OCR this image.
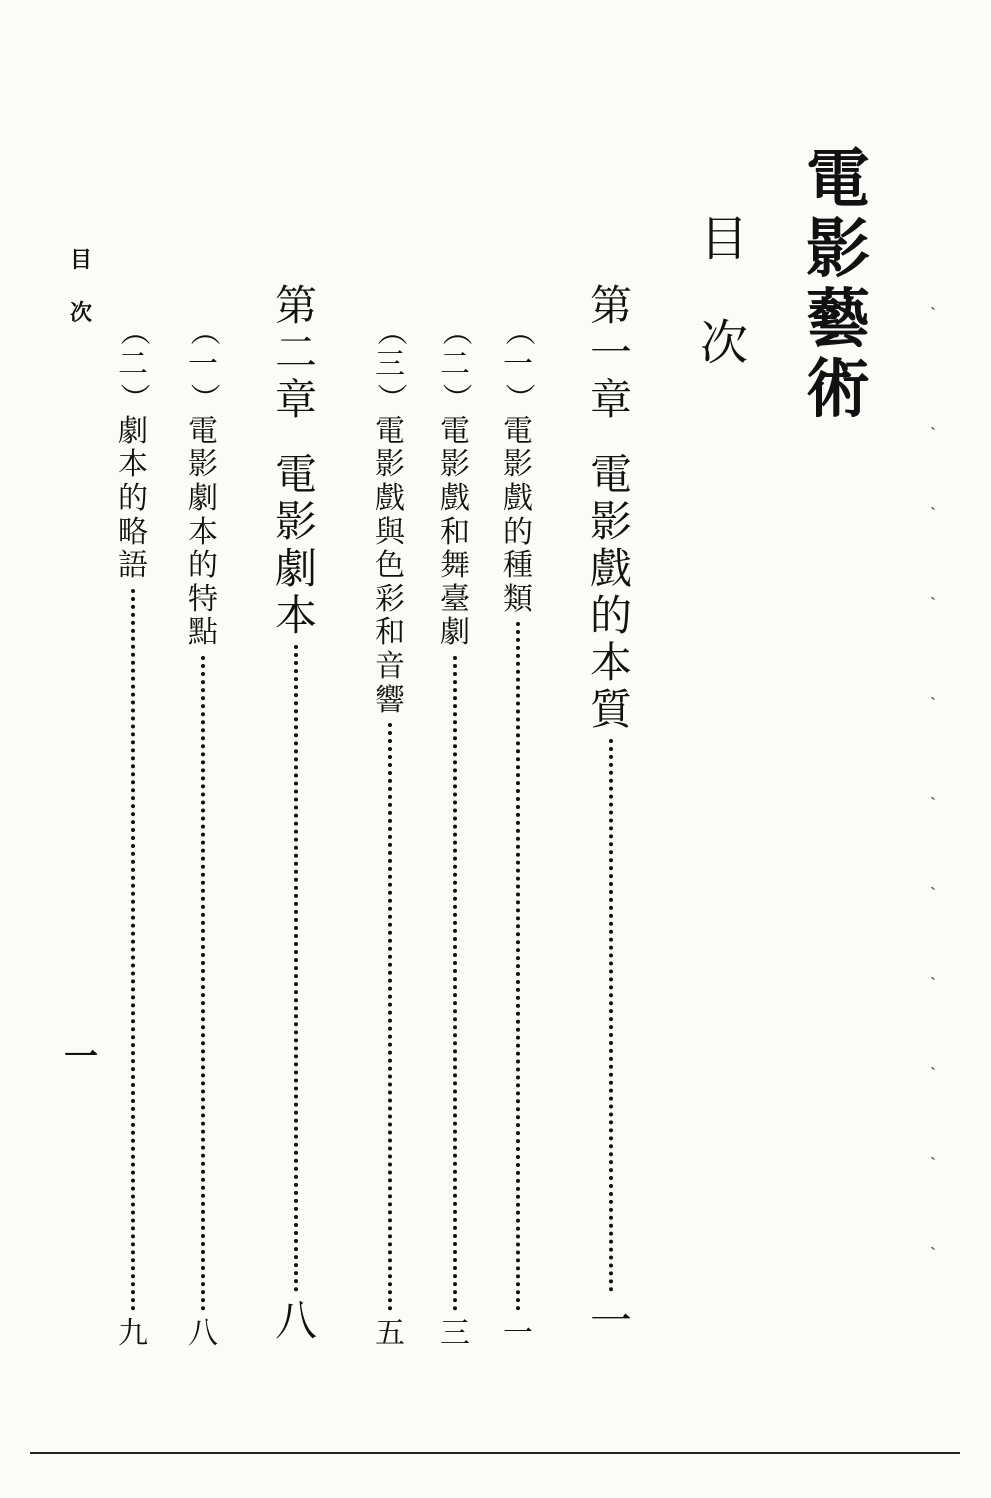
電
影
藝
術
目
次
第
一
章
電
影
戲
的
本
質
一
（
一
）
電
影
戲
的
種
類
一
（
二
）
電
影
戲
和
舞
臺
劇
三
（
三
）
電
影
戲
與
色
彩
和
音
響
五
第
二
章
電
影
劇
本
八
（
一
）
電
影
劇
本
的
特
點
八
（
二
）
劇
本
的
略
語
九
目
次
一
ˎ
ˎ
ˎ
ˎ
ˎ
ˎ
ˎ
ˎ
ˎ
ˎ
ˎ
